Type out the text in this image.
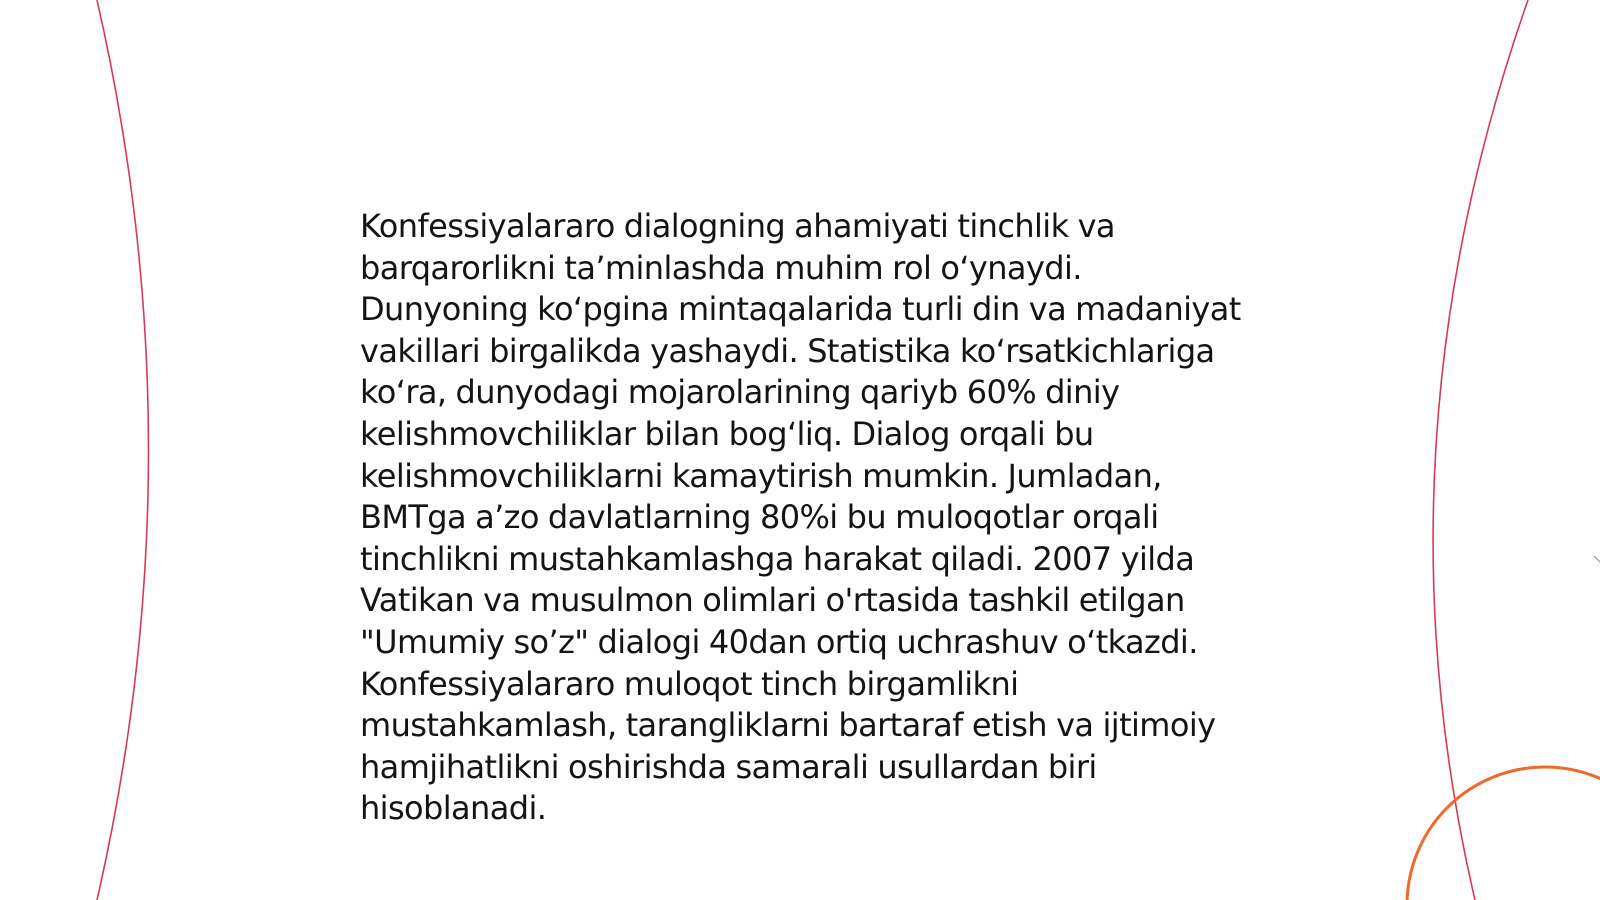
Konfessiyalararo dialogning ahamiyati tinchlik va barqarorlikni ta’minlashda muhim rol o‘ynaydi. Dunyoning ko‘pgina mintaqalarida turli din va madaniyat vakillari birgalikda yashaydi. Statistika ko‘rsatkichlariga ko‘ra, dunyodagi mojarolarining qariyb 60% diniy kelishmovchiliklar bilan bog‘liq. Dialog orqali bu kelishmovchiliklarni kamaytirish mumkin. Jumladan, BMTga a’zo davlatlarning 80%i bu muloqotlar orqali tinchlikni mustahkamlashga harakat qiladi. 2007 yilda Vatikan va musulmon olimlari o'rtasida tashkil etilgan "Umumiy so’z" dialogi 40dan ortiq uchrashuv o‘tkazdi. Konfessiyalararo muloqot tinch birgamlikni mustahkamlash, tarangliklarni bartaraf etish va ijtimoiy hamjihatlikni oshirishda samarali usullardan biri hisoblanadi.
